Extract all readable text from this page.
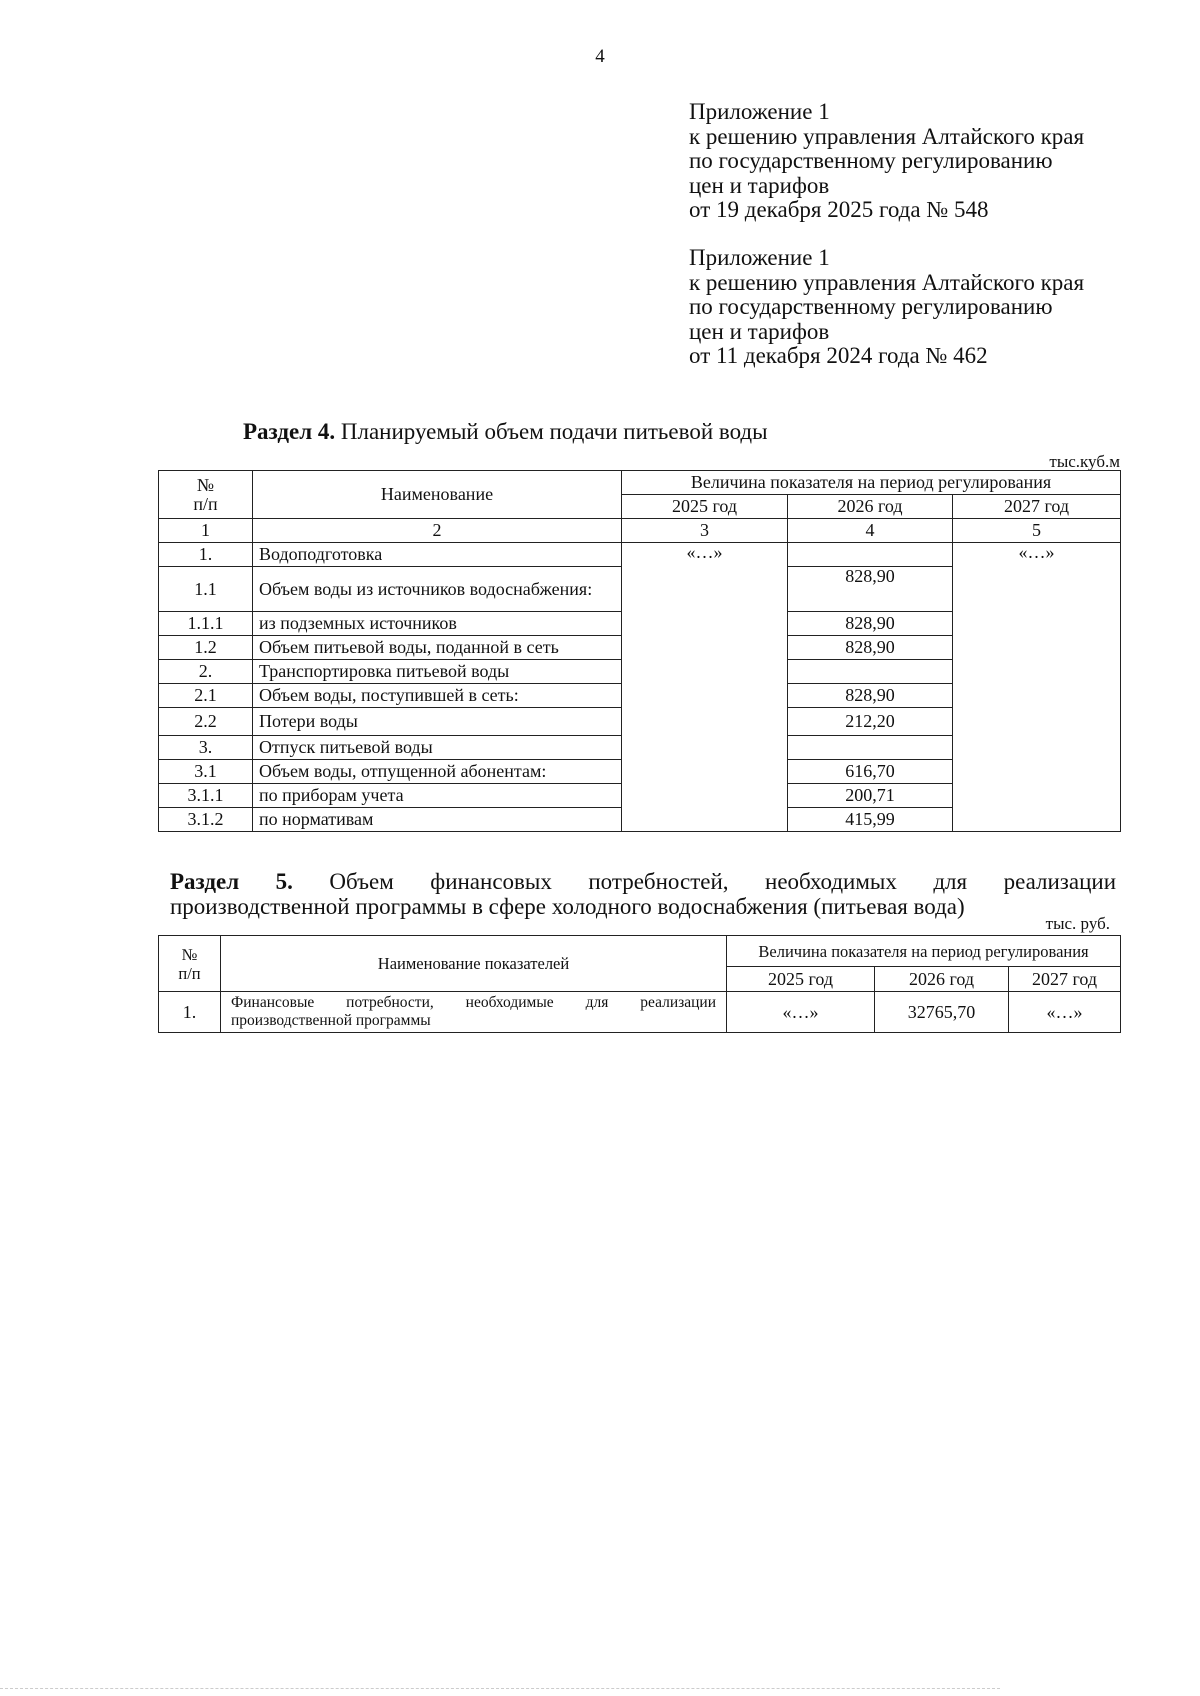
4
Приложение 1
к решению управления Алтайского края
по государственному регулированию
цен и тарифов
от 19 декабря 2025 года № 548
Приложение 1
к решению управления Алтайского края
по государственному регулированию
цен и тарифов
от 11 декабря 2024 года № 462
Раздел 4. Планируемый объем подачи питьевой воды
тыс.куб.м
№
п/п	Наименование	Величина показателя на период регулирования		
		2025 год	2026 год	2027 год
1	2	3	4	5
1.	Водоподготовка	«…»		«…»
1.1	Объем воды из источников водоснабжения:		828,90	
1.1.1	из подземных источников		828,90	
1.2	Объем питьевой воды, поданной в сеть		828,90	
2.	Транспортировка питьевой воды			
2.1	Объем воды, поступившей в сеть:		828,90	
2.2	Потери воды		212,20	
3.	Отпуск питьевой воды			
3.1	Объем воды, отпущенной абонентам:		616,70	
3.1.1	по приборам учета		200,71	
3.1.2	по нормативам		415,99	
Раздел 5. Объем финансовых потребностей, необходимых для реализации
производственной программы в сфере холодного водоснабжения (питьевая вода)
тыс. руб.
№
п/п	Наименование показателей	Величина показателя на период регулирования		
		2025 год	2026 год	2027 год
1.	Финансовые потребности, необходимые для реализации производственной программы	«…»	32765,70	«…»
